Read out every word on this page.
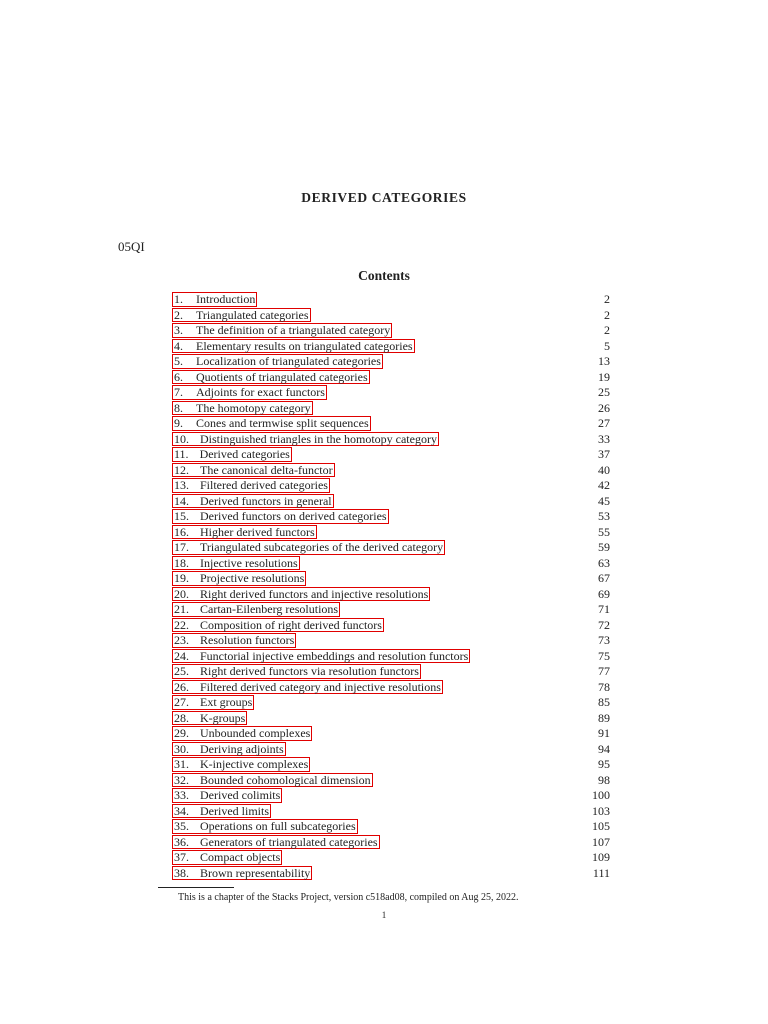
DERIVED CATEGORIES
05QI
Contents
1. Introduction	2
2. Triangulated categories	2
3. The definition of a triangulated category	2
4. Elementary results on triangulated categories	5
5. Localization of triangulated categories	13
6. Quotients of triangulated categories	19
7. Adjoints for exact functors	25
8. The homotopy category	26
9. Cones and termwise split sequences	27
10. Distinguished triangles in the homotopy category	33
11. Derived categories	37
12. The canonical delta-functor	40
13. Filtered derived categories	42
14. Derived functors in general	45
15. Derived functors on derived categories	53
16. Higher derived functors	55
17. Triangulated subcategories of the derived category	59
18. Injective resolutions	63
19. Projective resolutions	67
20. Right derived functors and injective resolutions	69
21. Cartan-Eilenberg resolutions	71
22. Composition of right derived functors	72
23. Resolution functors	73
24. Functorial injective embeddings and resolution functors	75
25. Right derived functors via resolution functors	77
26. Filtered derived category and injective resolutions	78
27. Ext groups	85
28. K-groups	89
29. Unbounded complexes	91
30. Deriving adjoints	94
31. K-injective complexes	95
32. Bounded cohomological dimension	98
33. Derived colimits	100
34. Derived limits	103
35. Operations on full subcategories	105
36. Generators of triangulated categories	107
37. Compact objects	109
38. Brown representability	111
This is a chapter of the Stacks Project, version c518ad08, compiled on Aug 25, 2022.
1
